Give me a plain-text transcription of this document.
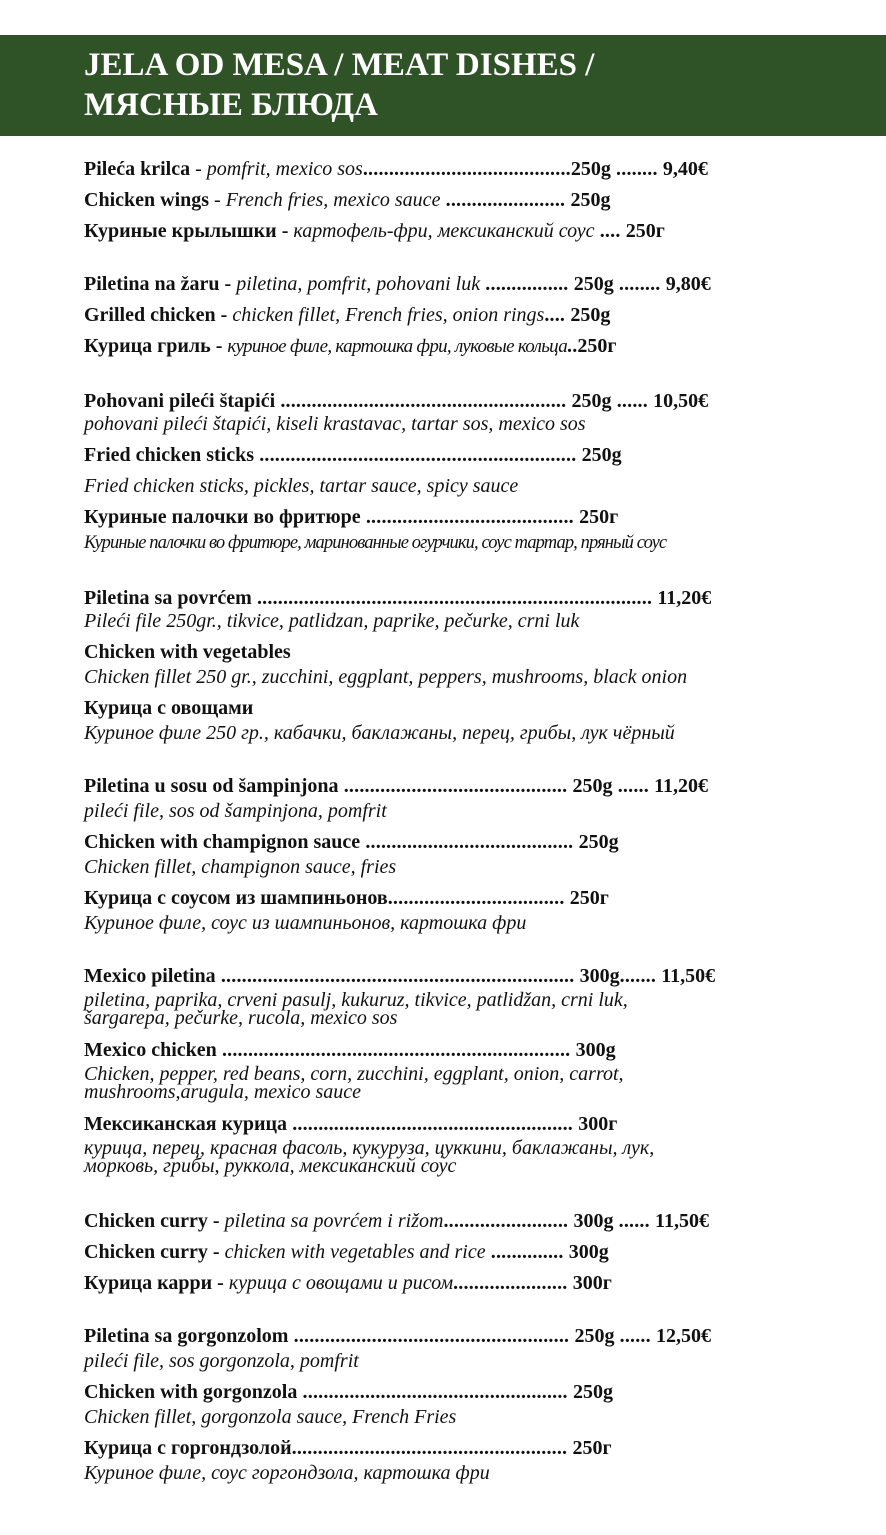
JELA OD MESA / MEAT DISHES /
МЯСНЫЕ БЛЮДА
Pileća krilca - pomfrit, mexico sos........................................250g ........ 9,40€
Chicken wings - French fries, mexico sauce ....................... 250g
Куриные крылышки - картофель-фри, мексиканский соус .... 250г
Piletina na žaru - piletina, pomfrit, pohovani luk ................ 250g ........ 9,80€
Grilled chicken - chicken fillet, French fries, onion rings.... 250g
Курица гриль - куриное филе, картошка фри, луковые кольца..250г
Pohovani pileći štapići ....................................................... 250g ...... 10,50€
pohovani pileći štapići, kiseli krastavac, tartar sos, mexico sos
Fried chicken sticks ............................................................. 250g
Fried chicken sticks, pickles, tartar sauce, spicy sauce
Куриные палочки во фритюре ........................................ 250г
Куриные палочки во фритюре, маринованные огурчики, соус тартар, пряный соус
Piletina sa povrćem ............................................................................ 11,20€
Pileći file 250gr., tikvice, patlidzan, paprike, pečurke, crni luk
Chicken with vegetables
Chicken fillet 250 gr., zucchini, eggplant, peppers, mushrooms, black onion
Курица с овощами
Куриное филе 250 гр., кабачки, баклажаны, перец, грибы, лук чёрный
Piletina u sosu od šampinjona ........................................... 250g ...... 11,20€
pileći file, sos od šampinjona, pomfrit
Chicken with champignon sauce ........................................ 250g
Chicken fillet, champignon sauce, fries
Курица с соусом из шампиньонов.................................. 250г
Куриное филе, соус из шампиньонов, картошка фри
Mexico piletina .................................................................... 300g....... 11,50€
piletina, paprika, crveni pasulj, kukuruz, tikvice, patlidžan, crni luk,
šargarepa, pečurke, rucola, mexico sos
Mexico chicken ................................................................... 300g
Chicken, pepper, red beans, corn, zucchini, eggplant, onion, carrot,
mushrooms,arugula, mexico sauce
Мексиканская курица ...................................................... 300г
курица, перец, красная фасоль, кукуруза, цуккини, баклажаны, лук,
морковь, грибы, руккола, мексиканский соус
Chicken curry - piletina sa povrćem i rižom........................ 300g ...... 11,50€
Chicken curry - chicken with vegetables and rice .............. 300g
Курица карри - курица с овощами и рисом...................... 300г
Piletina sa gorgonzolom ..................................................... 250g ...... 12,50€
pileći file, sos gorgonzola, pomfrit
Chicken with gorgonzola ................................................... 250g
Chicken fillet, gorgonzola sauce, French Fries
Курица с горгондзолой..................................................... 250г
Куриное филе, соус горгондзола, картошка фри
